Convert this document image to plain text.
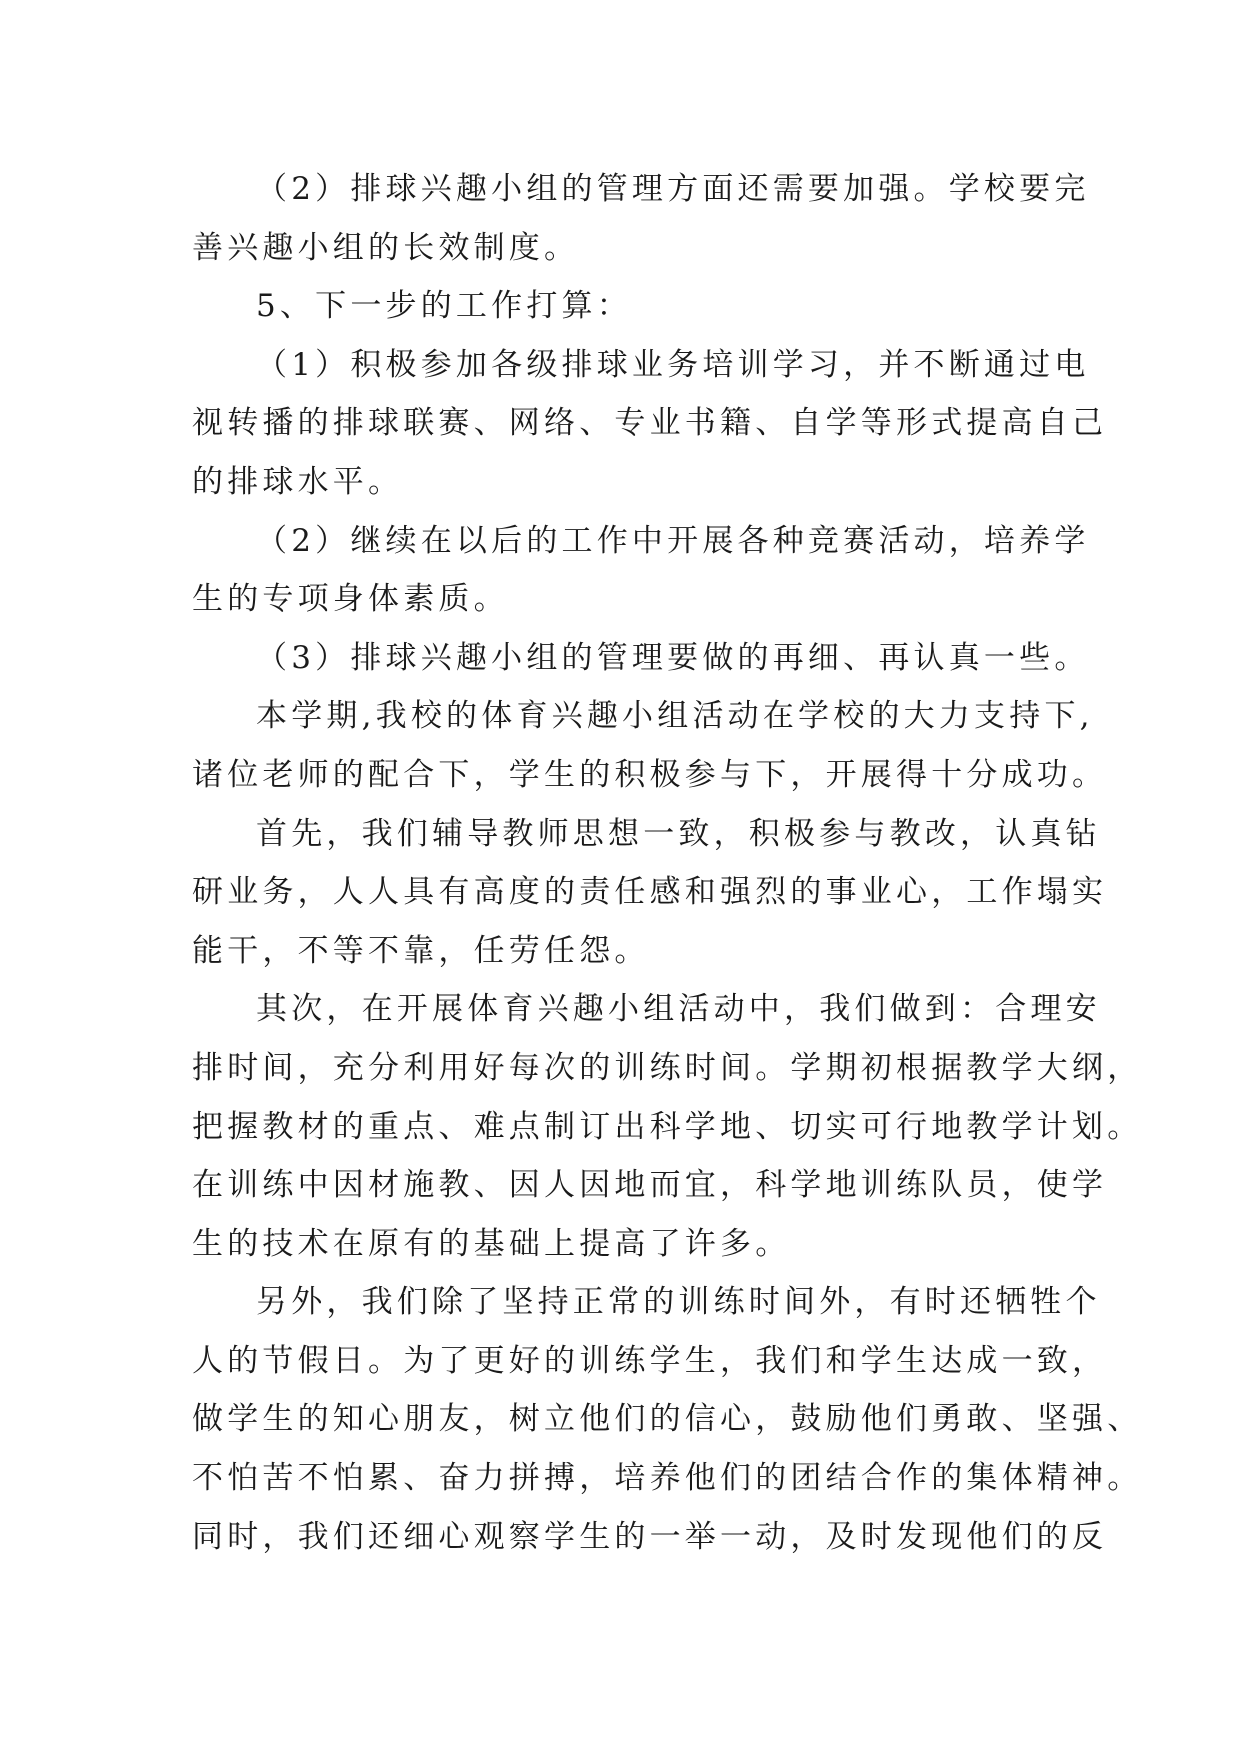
（2）排球兴趣小组的管理方面还需要加强。学校要完
善兴趣小组的长效制度。
5、下一步的工作打算：
（1）积极参加各级排球业务培训学习，并不断通过电
视转播的排球联赛、网络、专业书籍、自学等形式提高自己
的排球水平。
（2）继续在以后的工作中开展各种竞赛活动，培养学
生的专项身体素质。
（3）排球兴趣小组的管理要做的再细、再认真一些。
本学期,我校的体育兴趣小组活动在学校的大力支持下,
诸位老师的配合下，学生的积极参与下，开展得十分成功。
首先，我们辅导教师思想一致，积极参与教改，认真钻
研业务，人人具有高度的责任感和强烈的事业心，工作塌实
能干，不等不靠，任劳任怨。
其次，在开展体育兴趣小组活动中，我们做到：合理安
排时间，充分利用好每次的训练时间。学期初根据教学大纲，
把握教材的重点、难点制订出科学地、切实可行地教学计划。
在训练中因材施教、因人因地而宜，科学地训练队员，使学
生的技术在原有的基础上提高了许多。
另外，我们除了坚持正常的训练时间外，有时还牺牲个
人的节假日。为了更好的训练学生，我们和学生达成一致，
做学生的知心朋友，树立他们的信心，鼓励他们勇敢、坚强、
不怕苦不怕累、奋力拼搏，培养他们的团结合作的集体精神。
同时，我们还细心观察学生的一举一动，及时发现他们的反
